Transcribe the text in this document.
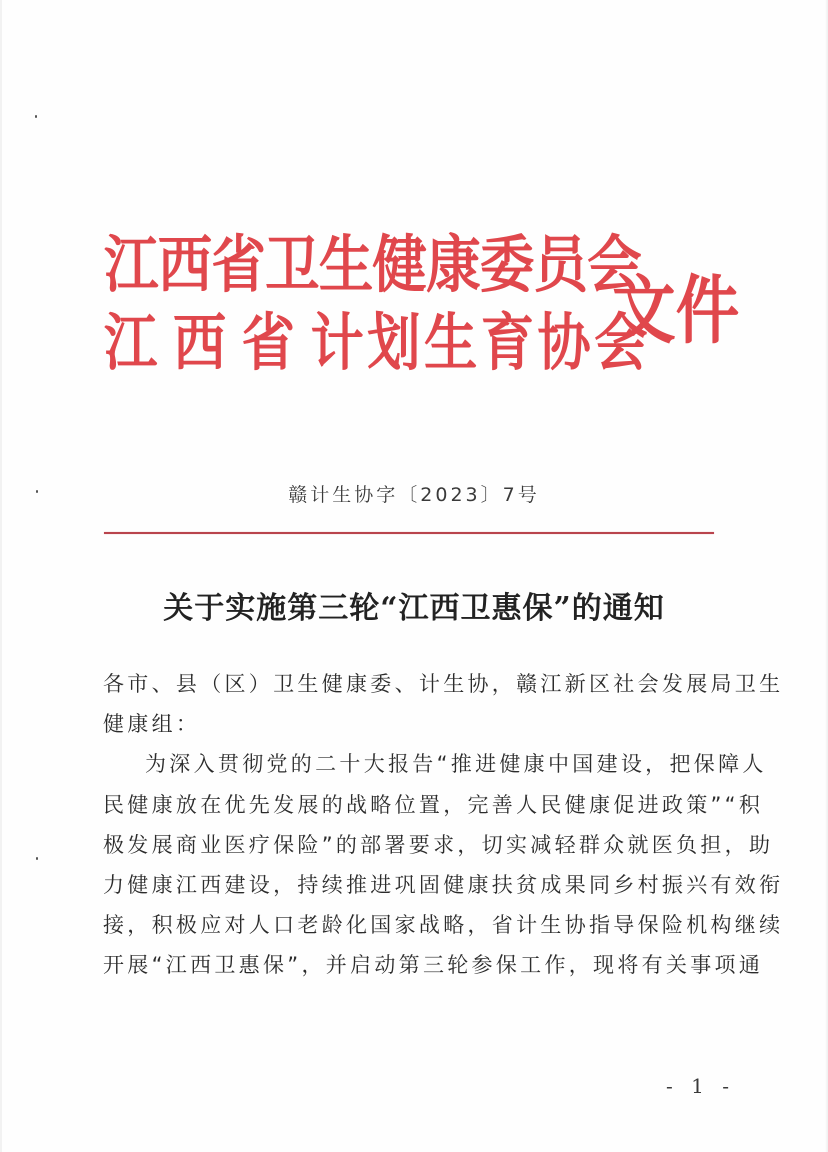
江西省卫生健康委员会
江 西 省 计划生育协会
文件
赣计生协字〔2023〕7号
关于实施第三轮“江西卫惠保”的通知
各市、县（区）卫生健康委、计生协，赣江新区社会发展局卫生
健康组：
为深入贯彻党的二十大报告“推进健康中国建设，把保障人
民健康放在优先发展的战略位置，完善人民健康促进政策”“积
极发展商业医疗保险”的部署要求，切实减轻群众就医负担，助
力健康江西建设，持续推进巩固健康扶贫成果同乡村振兴有效衔
接，积极应对人口老龄化国家战略，省计生协指导保险机构继续
开展“江西卫惠保”，并启动第三轮参保工作，现将有关事项通
- 1 -
